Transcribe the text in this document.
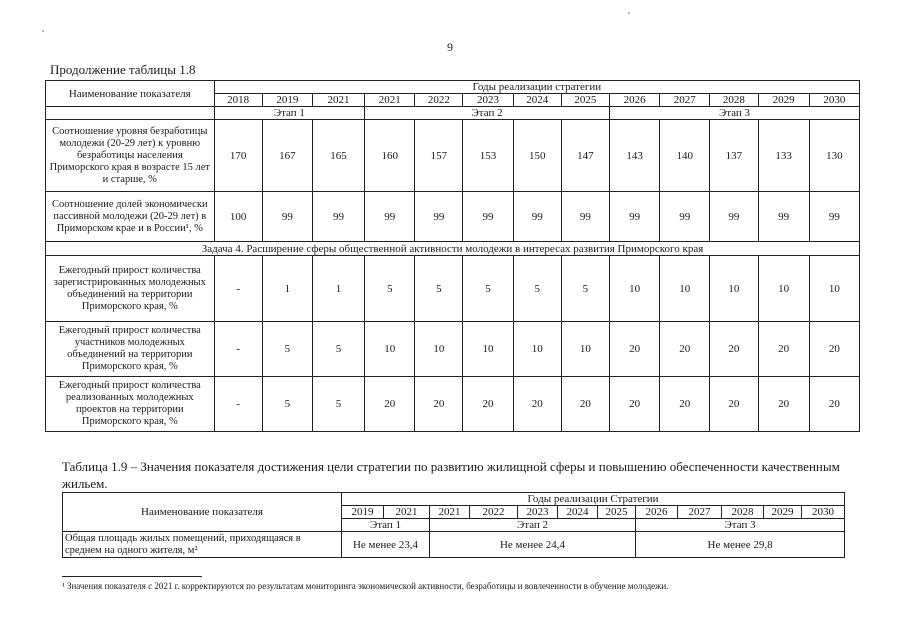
9
Продолжение таблицы 1.8
Наименование показателя	Годы реализации стратегии												
	2018	2019	2021	2021	2022	2023	2024	2025	2026	2027	2028	2029	2030
	Этап 1			Этап 2					Этап 3				
Соотношение уровня безработицы молодежи (20-29 лет) к уровню безработицы населения Приморского края в возрасте 15 лет и старше, %	170	167	165	160	157	153	150	147	143	140	137	133	130
Соотношение долей экономически пассивной молодежи (20-29 лет) в Приморском крае и в России¹, %	100	99	99	99	99	99	99	99	99	99	99	99	99
Задача 4. Расширение сферы общественной активности молодежи в интересах развития Приморского края													
Ежегодный прирост количества зарегистрированных молодежных объединений на территории Приморского края, %	-	1	1	5	5	5	5	5	10	10	10	10	10
Ежегодный прирост количества участников молодежных объединений на территории Приморского края, %	-	5	5	10	10	10	10	10	20	20	20	20	20
Ежегодный прирост количества реализованных молодежных проектов на территории Приморского края, %	-	5	5	20	20	20	20	20	20	20	20	20	20
Таблица 1.9 – Значения показателя достижения цели стратегии по развитию жилищной сферы и повышению обеспеченности качественным жильем.
Наименование показателя	Годы реализации Стратегии											
	2019	2021	2021	2022	2023	2024	2025	2026	2027	2028	2029	2030
	Этап 1		Этап 2					Этап 3				
Общая площадь жилых помещений, приходящаяся в среднем на одного жителя, м²	Не менее 23,4		Не менее 24,4					Не менее 29,8				
¹ Значения показателя с 2021 г. корректируются по результатам мониторинга экономической активности, безработицы и вовлеченности в обучение молодежи.
